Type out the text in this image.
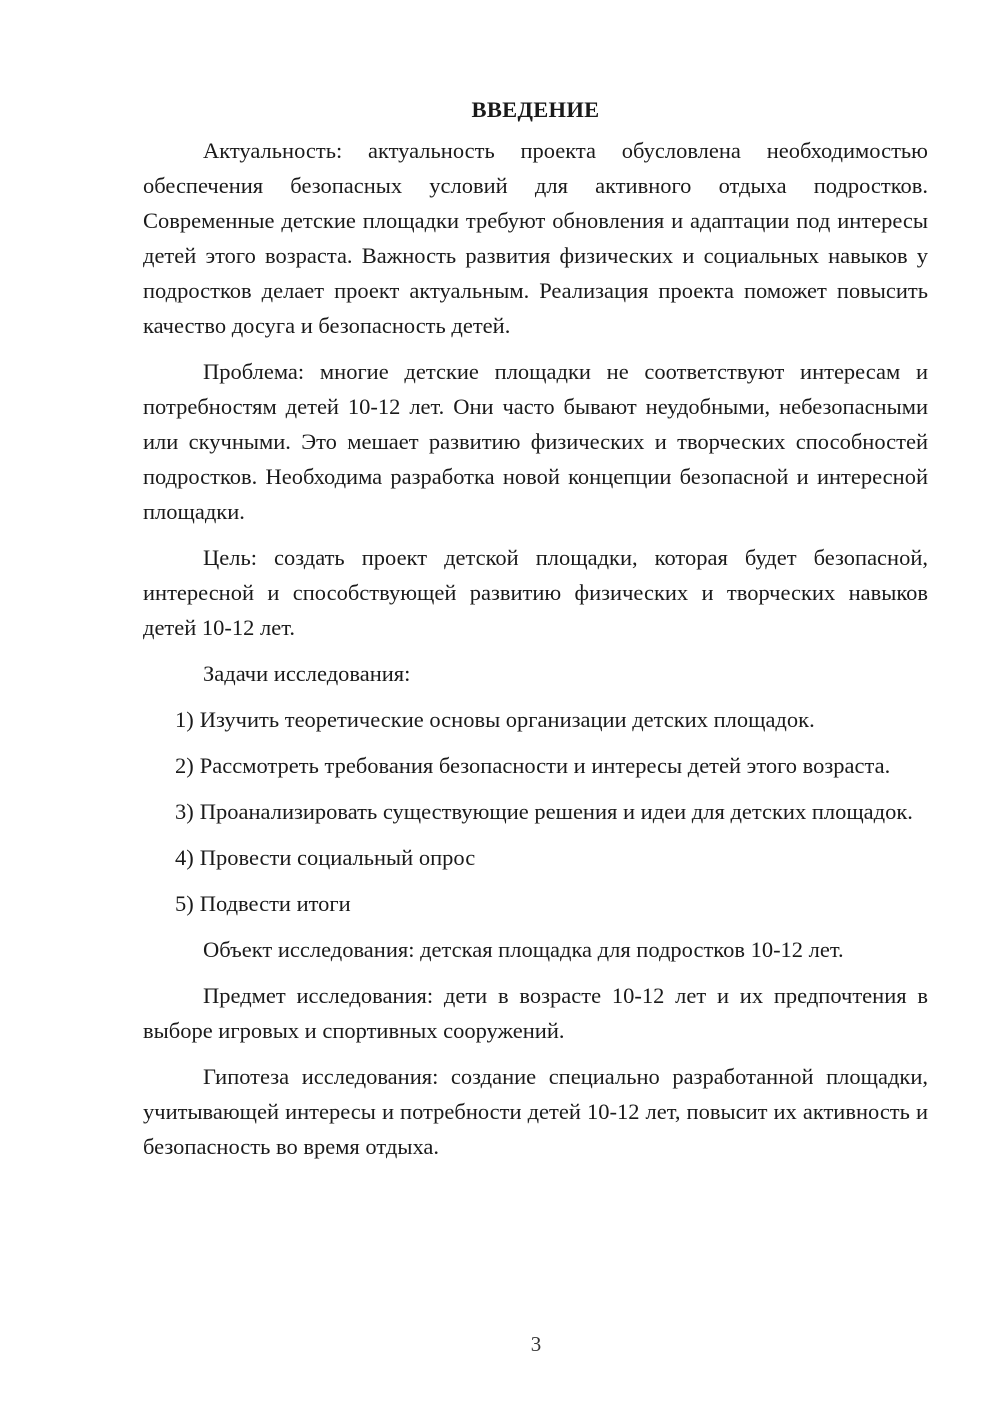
ВВЕДЕНИЕ

Актуальность: актуальность проекта обусловлена необходимостью обеспечения безопасных условий для активного отдыха подростков. Современные детские площадки требуют обновления и адаптации под интересы детей этого возраста. Важность развития физических и социальных навыков у подростков делает проект актуальным. Реализация проекта поможет повысить качество досуга и безопасность детей.

Проблема: многие детские площадки не соответствуют интересам и потребностям детей 10-12 лет. Они часто бывают неудобными, небезопасными или скучными. Это мешает развитию физических и творческих способностей подростков. Необходима разработка новой концепции безопасной и интересной площадки.

Цель: создать проект детской площадки, которая будет безопасной, интересной и способствующей развитию физических и творческих навыков детей 10-12 лет.

Задачи исследования:

1) Изучить теоретические основы организации детских площадок.
2) Рассмотреть требования безопасности и интересы детей этого возраста.
3) Проанализировать существующие решения и идеи для детских площадок.
4) Провести социальный опрос
5) Подвести итоги

Объект исследования: детская площадка для подростков 10-12 лет.

Предмет исследования: дети в возрасте 10-12 лет и их предпочтения в выборе игровых и спортивных сооружений.

Гипотеза исследования: создание специально разработанной площадки, учитывающей интересы и потребности детей 10-12 лет, повысит их активность и безопасность во время отдыха.

3
